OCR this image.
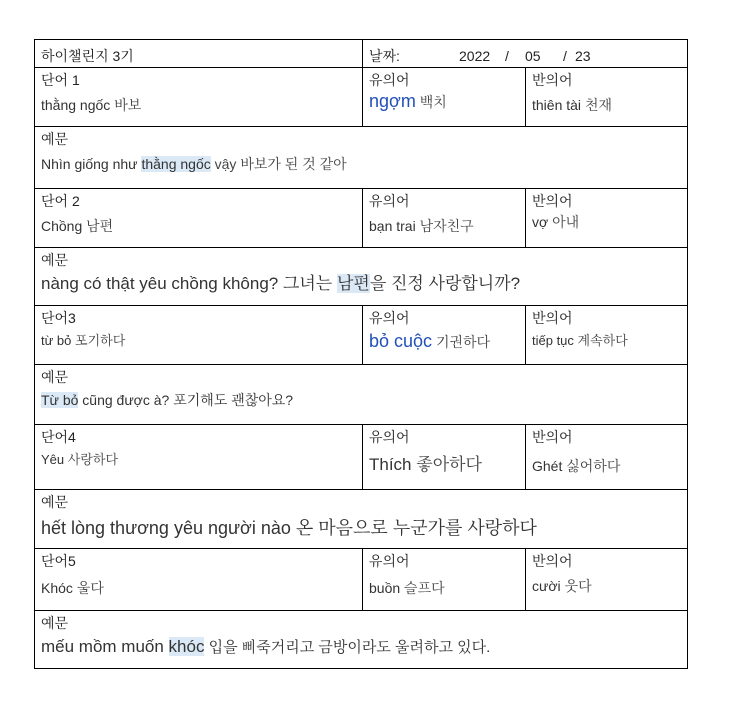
하이챌린지 3기	날짜:	2022 / 05 / 23
단어 1
thằng ngốc 바보
유의어
ngợm 백치
반의어
thiên tài 천재
예문
Nhìn giống như thằng ngốc vậy 바보가 된 것 같아
단어 2
Chồng 남편
유의어
bạn trai 남자친구
반의어
vợ 아내
예문
nàng có thật yêu chồng không? 그녀는 남편을 진정 사랑합니까?
단어3
từ bỏ 포기하다
유의어
bỏ cuộc 기권하다
반의어
tiếp tục 계속하다
예문
Từ bỏ cũng được à? 포기해도 괜찮아요?
단어4
Yêu 사랑하다
유의어
Thích 좋아하다
반의어
Ghét 싫어하다
예문
hết lòng thương yêu người nào 온 마음으로 누군가를 사랑하다
단어5
Khóc 울다
유의어
buồn 슬프다
반의어
cười 웃다
예문
mếu mồm muốn khóc 입을 삐죽거리고 금방이라도 울려하고 있다.
